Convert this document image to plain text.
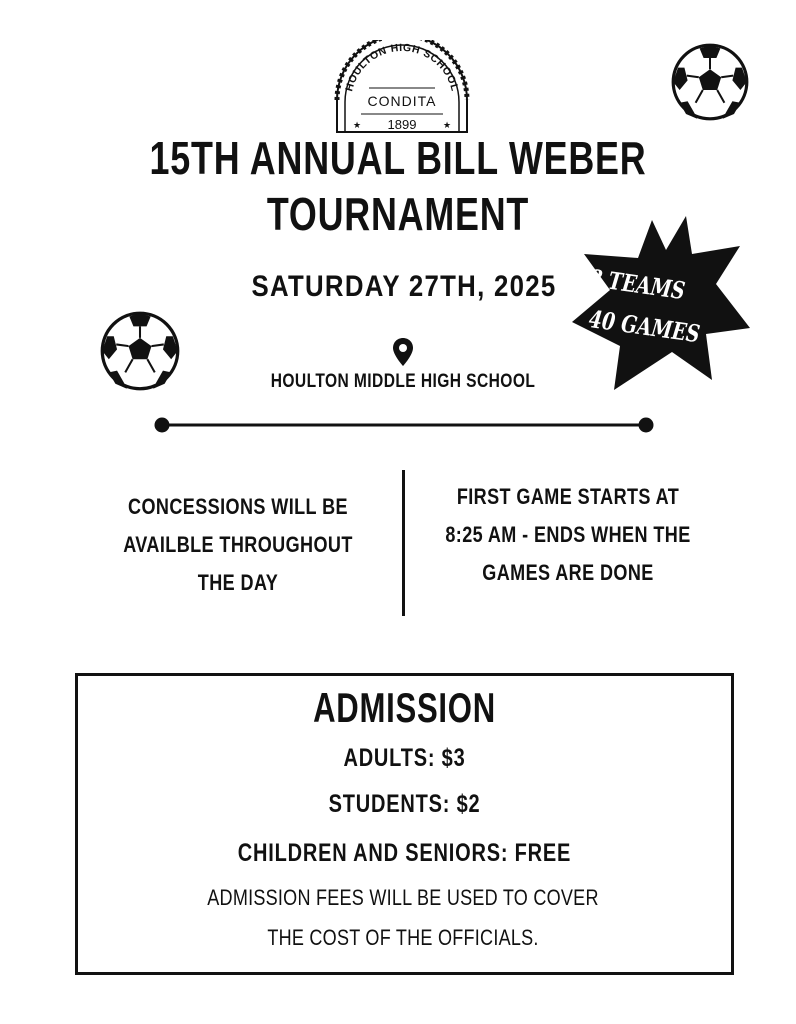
HOULTON HIGH SCHOOL
CONDITA
1899
★	★
15TH ANNUAL BILL WEBER
TOURNAMENT
SATURDAY 27TH, 2025
HOULTON MIDDLE HIGH SCHOOL
CONCESSIONS WILL BE AVAILBLE THROUGHOUT THE DAY
FIRST GAME STARTS AT 8:25 AM - ENDS WHEN THE GAMES ARE DONE
8 TEAMS
40 GAMES
ADMISSION
ADULTS: $3
STUDENTS: $2
CHILDREN AND SENIORS: FREE
ADMISSION FEES WILL BE USED TO COVER THE COST OF THE OFFICIALS.
